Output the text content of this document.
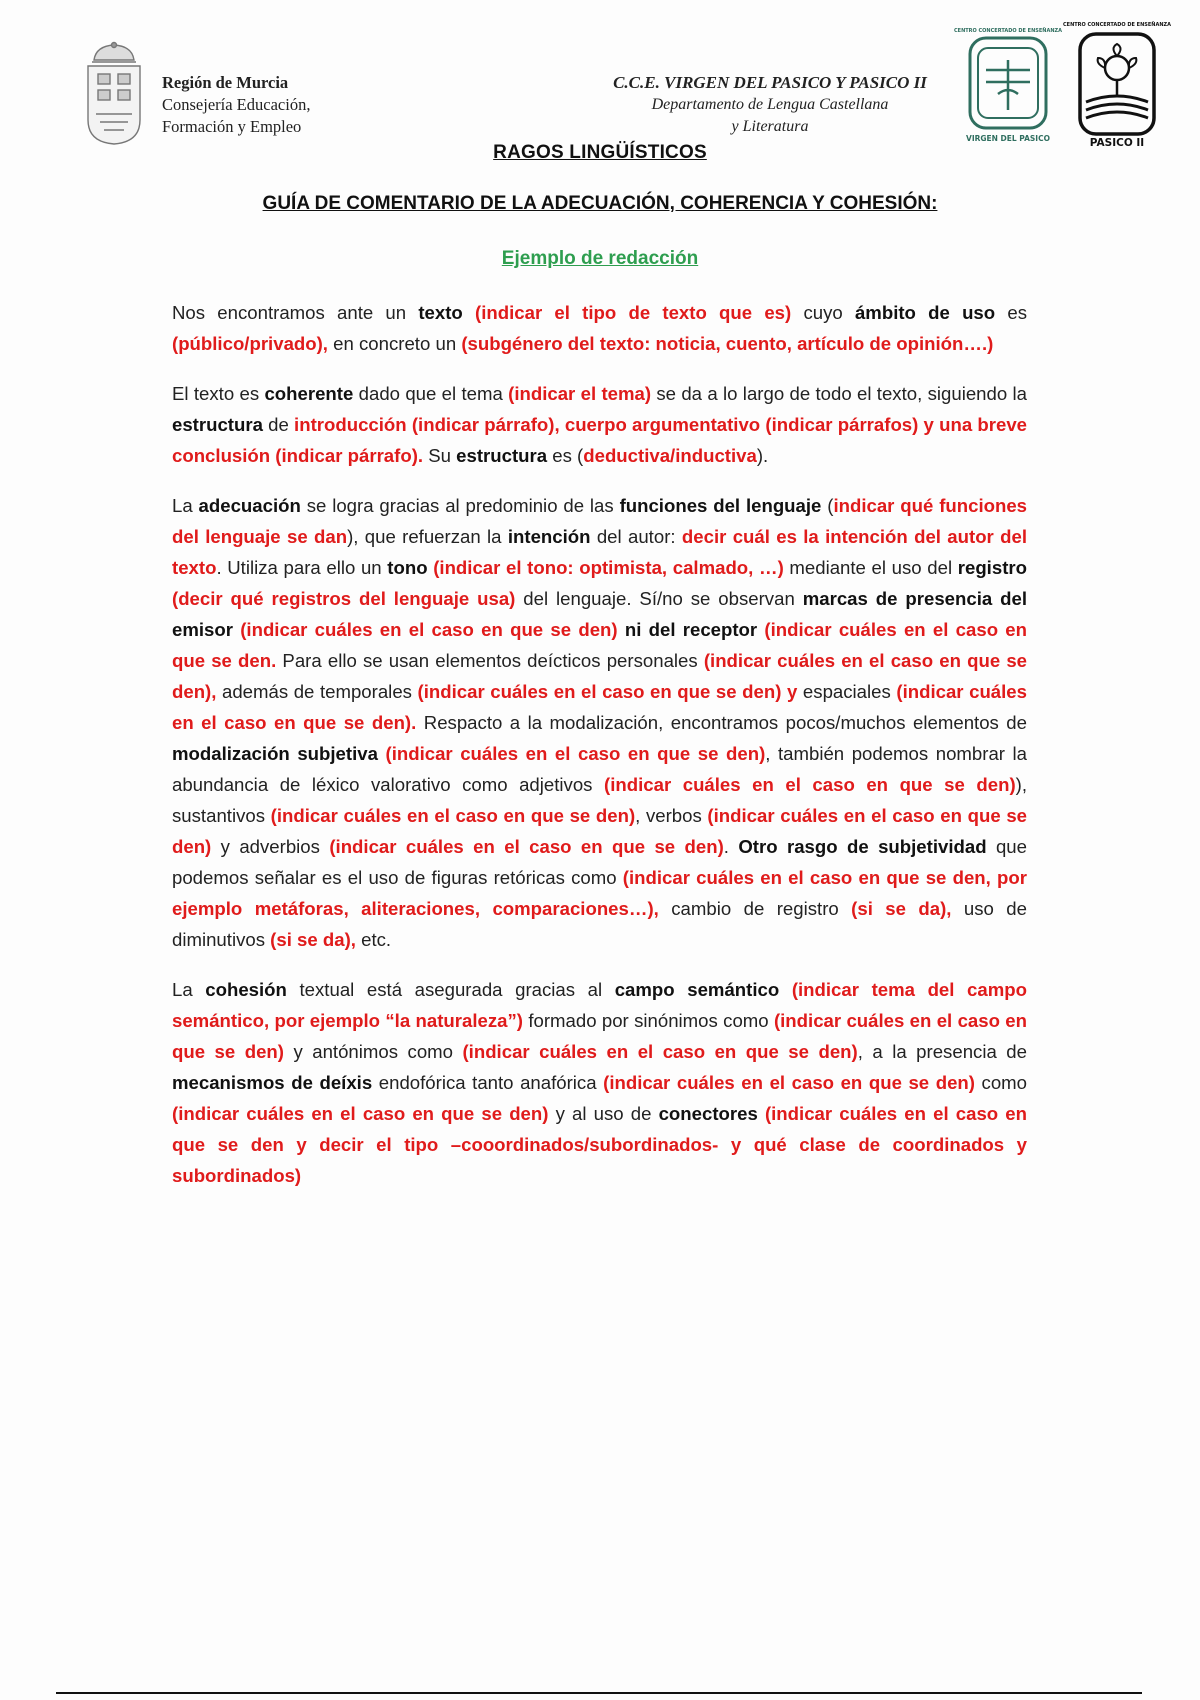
Región de Murcia
Consejería Educación,
Formación y Empleo
C.C.E. VIRGEN DEL PASICO Y PASICO II
Departamento de Lengua Castellana
y Literatura
CENTRO CONCERTADO DE ENSEÑANZA
VIRGEN DEL PASICO
CENTRO CONCERTADO DE ENSEÑANZA
PASICO II
RAGOS LINGÜÍSTICOS
GUÍA DE COMENTARIO DE LA ADECUACIÓN, COHERENCIA Y COHESIÓN:
Ejemplo de redacción

Nos encontramos ante un texto (indicar el tipo de texto que es) cuyo ámbito de uso es (público/privado), en concreto un (subgénero del texto: noticia, cuento, artículo de opinión….)

El texto es coherente dado que el tema (indicar el tema) se da a lo largo de todo el texto, siguiendo la estructura de introducción (indicar párrafo), cuerpo argumentativo (indicar párrafos) y una breve conclusión (indicar párrafo). Su estructura es (deductiva/inductiva).

La adecuación se logra gracias al predominio de las funciones del lenguaje (indicar qué funciones del lenguaje se dan), que refuerzan la intención del autor: decir cuál es la intención del autor del texto. Utiliza para ello un tono (indicar el tono: optimista, calmado, …) mediante el uso del registro (decir qué registros del lenguaje usa) del lenguaje. Sí/no se observan marcas de presencia del emisor (indicar cuáles en el caso en que se den) ni del receptor (indicar cuáles en el caso en que se den. Para ello se usan elementos deícticos personales (indicar cuáles en el caso en que se den), además de temporales (indicar cuáles en el caso en que se den) y espaciales (indicar cuáles en el caso en que se den). Respacto a la modalización, encontramos pocos/muchos elementos de modalización subjetiva (indicar cuáles en el caso en que se den), también podemos nombrar la abundancia de léxico valorativo como adjetivos (indicar cuáles en el caso en que se den)), sustantivos (indicar cuáles en el caso en que se den), verbos (indicar cuáles en el caso en que se den) y adverbios (indicar cuáles en el caso en que se den). Otro rasgo de subjetividad que podemos señalar es el uso de figuras retóricas como (indicar cuáles en el caso en que se den, por ejemplo metáforas, aliteraciones, comparaciones…), cambio de registro (si se da), uso de diminutivos (si se da), etc.

La cohesión textual está asegurada gracias al campo semántico (indicar tema del campo semántico, por ejemplo “la naturaleza”) formado por sinónimos como (indicar cuáles en el caso en que se den) y antónimos como (indicar cuáles en el caso en que se den), a la presencia de mecanismos de deíxis endofórica tanto anafórica (indicar cuáles en el caso en que se den) como (indicar cuáles en el caso en que se den) y al uso de conectores (indicar cuáles en el caso en que se den y decir el tipo –cooordinados/subordinados- y qué clase de coordinados y subordinados)
